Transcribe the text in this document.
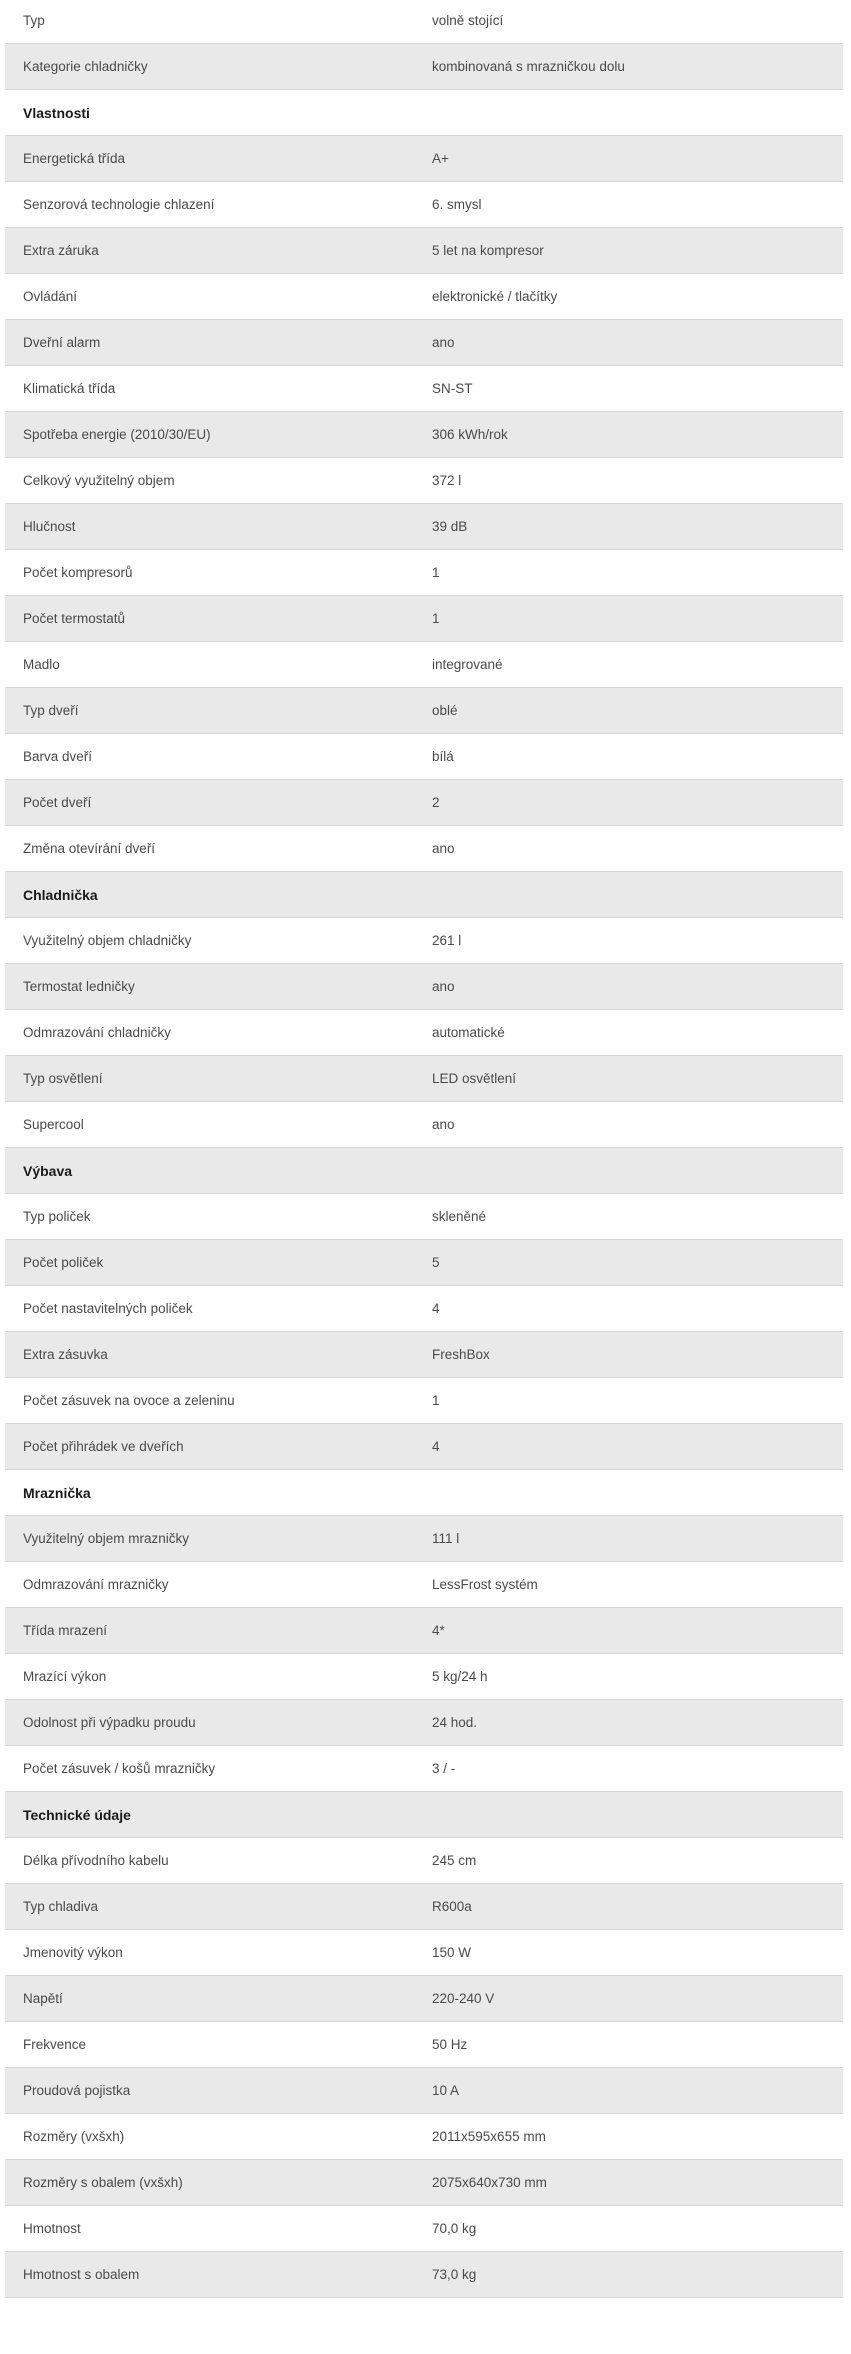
Typ	volně stojící
Kategorie chladničky	kombinovaná s mrazničkou dolu
Vlastnosti
Energetická třída	A+
Senzorová technologie chlazení	6. smysl
Extra záruka	5 let na kompresor
Ovládání	elektronické / tlačítky
Dveřní alarm	ano
Klimatická třída	SN-ST
Spotřeba energie (2010/30/EU)	306 kWh/rok
Celkový využitelný objem	372 l
Hlučnost	39 dB
Počet kompresorů	1
Počet termostatů	1
Madlo	integrované
Typ dveří	oblé
Barva dveří	bílá
Počet dveří	2
Změna otevírání dveří	ano
Chladnička
Využitelný objem chladničky	261 l
Termostat ledničky	ano
Odmrazování chladničky	automatické
Typ osvětlení	LED osvětlení
Supercool	ano
Výbava
Typ poliček	skleněné
Počet poliček	5
Počet nastavitelných poliček	4
Extra zásuvka	FreshBox
Počet zásuvek na ovoce a zeleninu	1
Počet přihrádek ve dveřích	4
Mraznička
Využitelný objem mrazničky	111 l
Odmrazování mrazničky	LessFrost systém
Třída mrazení	4*
Mrazící výkon	5 kg/24 h
Odolnost při výpadku proudu	24 hod.
Počet zásuvek / košů mrazničky	3 / -
Technické údaje
Délka přívodního kabelu	245 cm
Typ chladiva	R600a
Jmenovitý výkon	150 W
Napětí	220-240 V
Frekvence	50 Hz
Proudová pojistka	10 A
Rozměry (vxšxh)	2011x595x655 mm
Rozměry s obalem (vxšxh)	2075x640x730 mm
Hmotnost	70,0 kg
Hmotnost s obalem	73,0 kg
